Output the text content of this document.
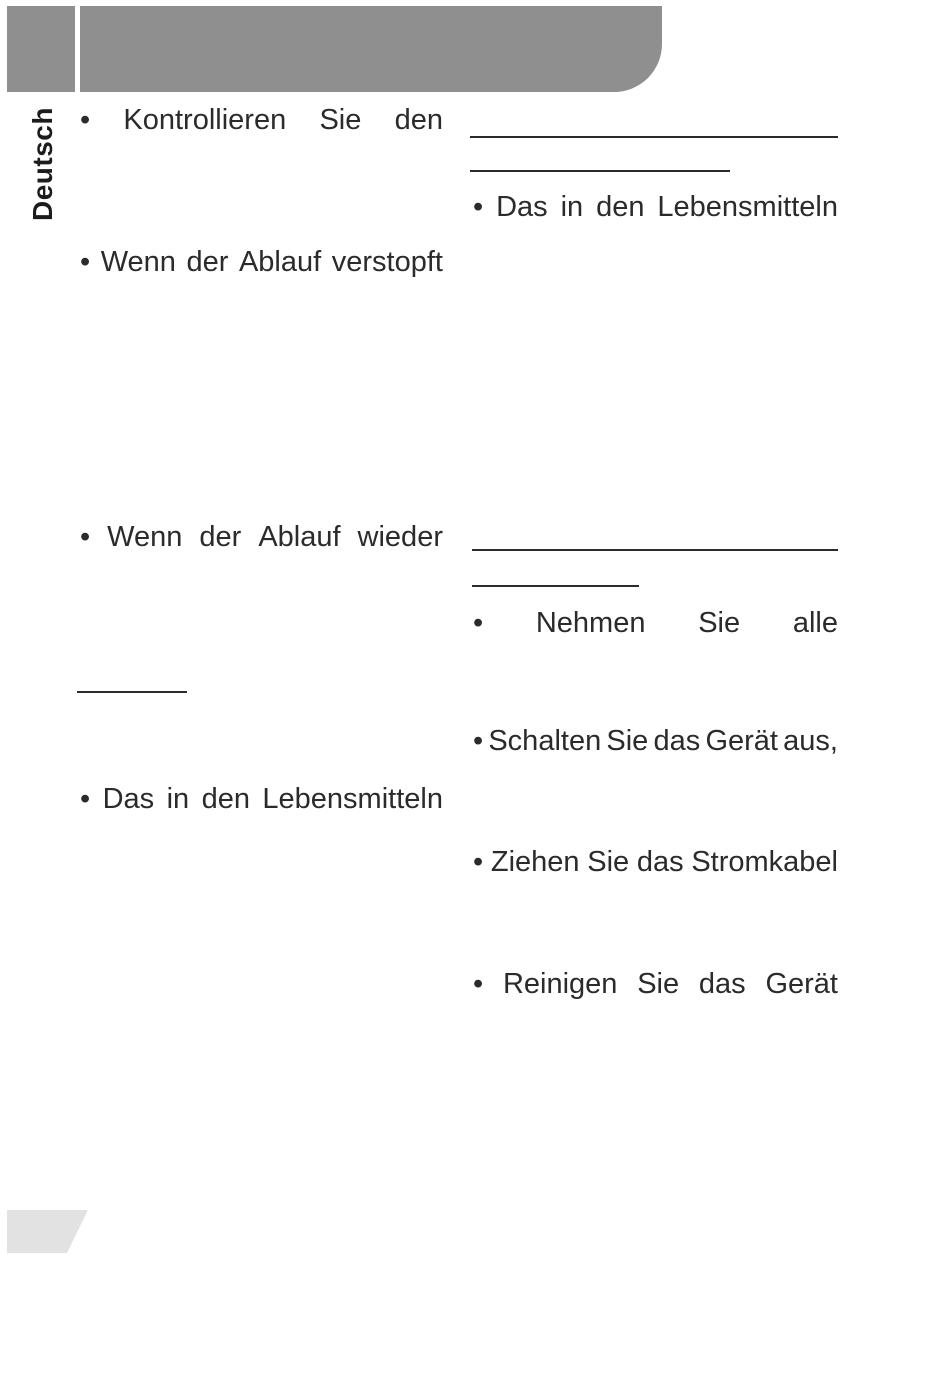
Deutsch • Kontrollieren Sie den
• Wenn der Ablauf verstopft
• Wenn der Ablauf wieder
• Das in den Lebensmitteln
• Das in den Lebensmitteln
• Nehmen Sie alle
• Schalten Sie das Gerät aus,
• Ziehen Sie das Stromkabel
• Reinigen Sie das Gerät
